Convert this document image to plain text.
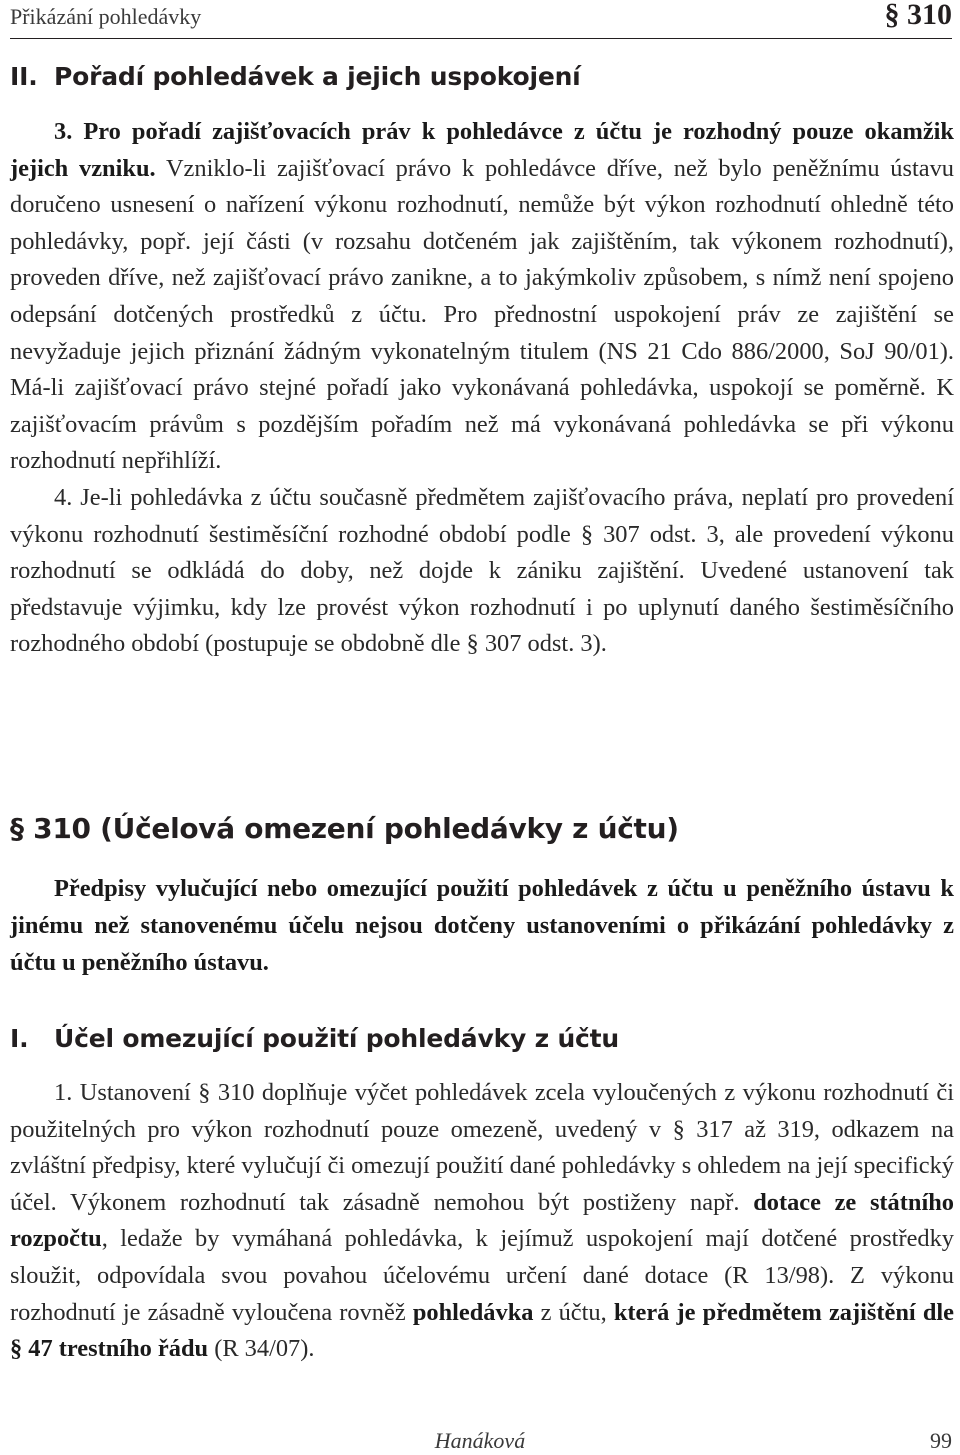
Přikázání pohledávky	§ 310
II. Pořadí pohledávek a jejich uspokojení

3. Pro pořadí zajišťovacích práv k pohledávce z účtu je rozhodný pouze okamžik jejich vzniku. Vzniklo-li zajišťovací právo k pohledávce dříve, než bylo peněžnímu ústavu doručeno usnesení o nařízení výkonu rozhodnutí, nemůže být výkon rozhodnutí ohledně této pohledávky, popř. její části (v rozsahu dotčeném jak zajištěním, tak výkonem rozhodnutí), proveden dříve, než zajišťovací právo zanikne, a to jakýmkoliv způsobem, s nímž není spojeno odepsání dotčených prostředků z účtu. Pro přednostní uspokojení práv ze zajištění se nevyžaduje jejich přiznání žádným vykonatelným titulem (NS 21 Cdo 886/2000, SoJ 90/01). Má-li zajišťovací právo stejné pořadí jako vykonávaná pohledávka, uspokojí se poměrně. K zajišťovacím právům s pozdějším pořadím než má vykonávaná pohledávka se při výkonu rozhodnutí nepřihlíží.

4. Je-li pohledávka z účtu současně předmětem zajišťovacího práva, neplatí pro provedení výkonu rozhodnutí šestiměsíční rozhodné období podle § 307 odst. 3, ale provedení výkonu rozhodnutí se odkládá do doby, než dojde k zániku zajištění. Uvedené ustanovení tak představuje výjimku, kdy lze provést výkon rozhodnutí i po uplynutí daného šestiměsíčního rozhodného období (postupuje se obdobně dle § 307 odst. 3).

§ 310 (Účelová omezení pohledávky z účtu)

Předpisy vylučující nebo omezující použití pohledávek z účtu u peněžního ústavu k jinému než stanovenému účelu nejsou dotčeny ustanoveními o přikázání pohledávky z účtu u peněžního ústavu.

I. Účel omezující použití pohledávky z účtu

1. Ustanovení § 310 doplňuje výčet pohledávek zcela vyloučených z výkonu rozhodnutí či použitelných pro výkon rozhodnutí pouze omezeně, uvedený v § 317 až 319, odkazem na zvláštní předpisy, které vylučují či omezují použití dané pohledávky s ohledem na její specifický účel. Výkonem rozhodnutí tak zásadně nemohou být postiženy např. dotace ze státního rozpočtu, ledaže by vymáhaná pohledávka, k jejímuž uspokojení mají dotčené prostředky sloužit, odpovídala svou povahou účelovému určení dané dotace (R 13/98). Z výkonu rozhodnutí je zásadně vyloučena rovněž pohledávka z účtu, která je předmětem zajištění dle § 47 trestního řádu (R 34/07).

Hanáková	99
